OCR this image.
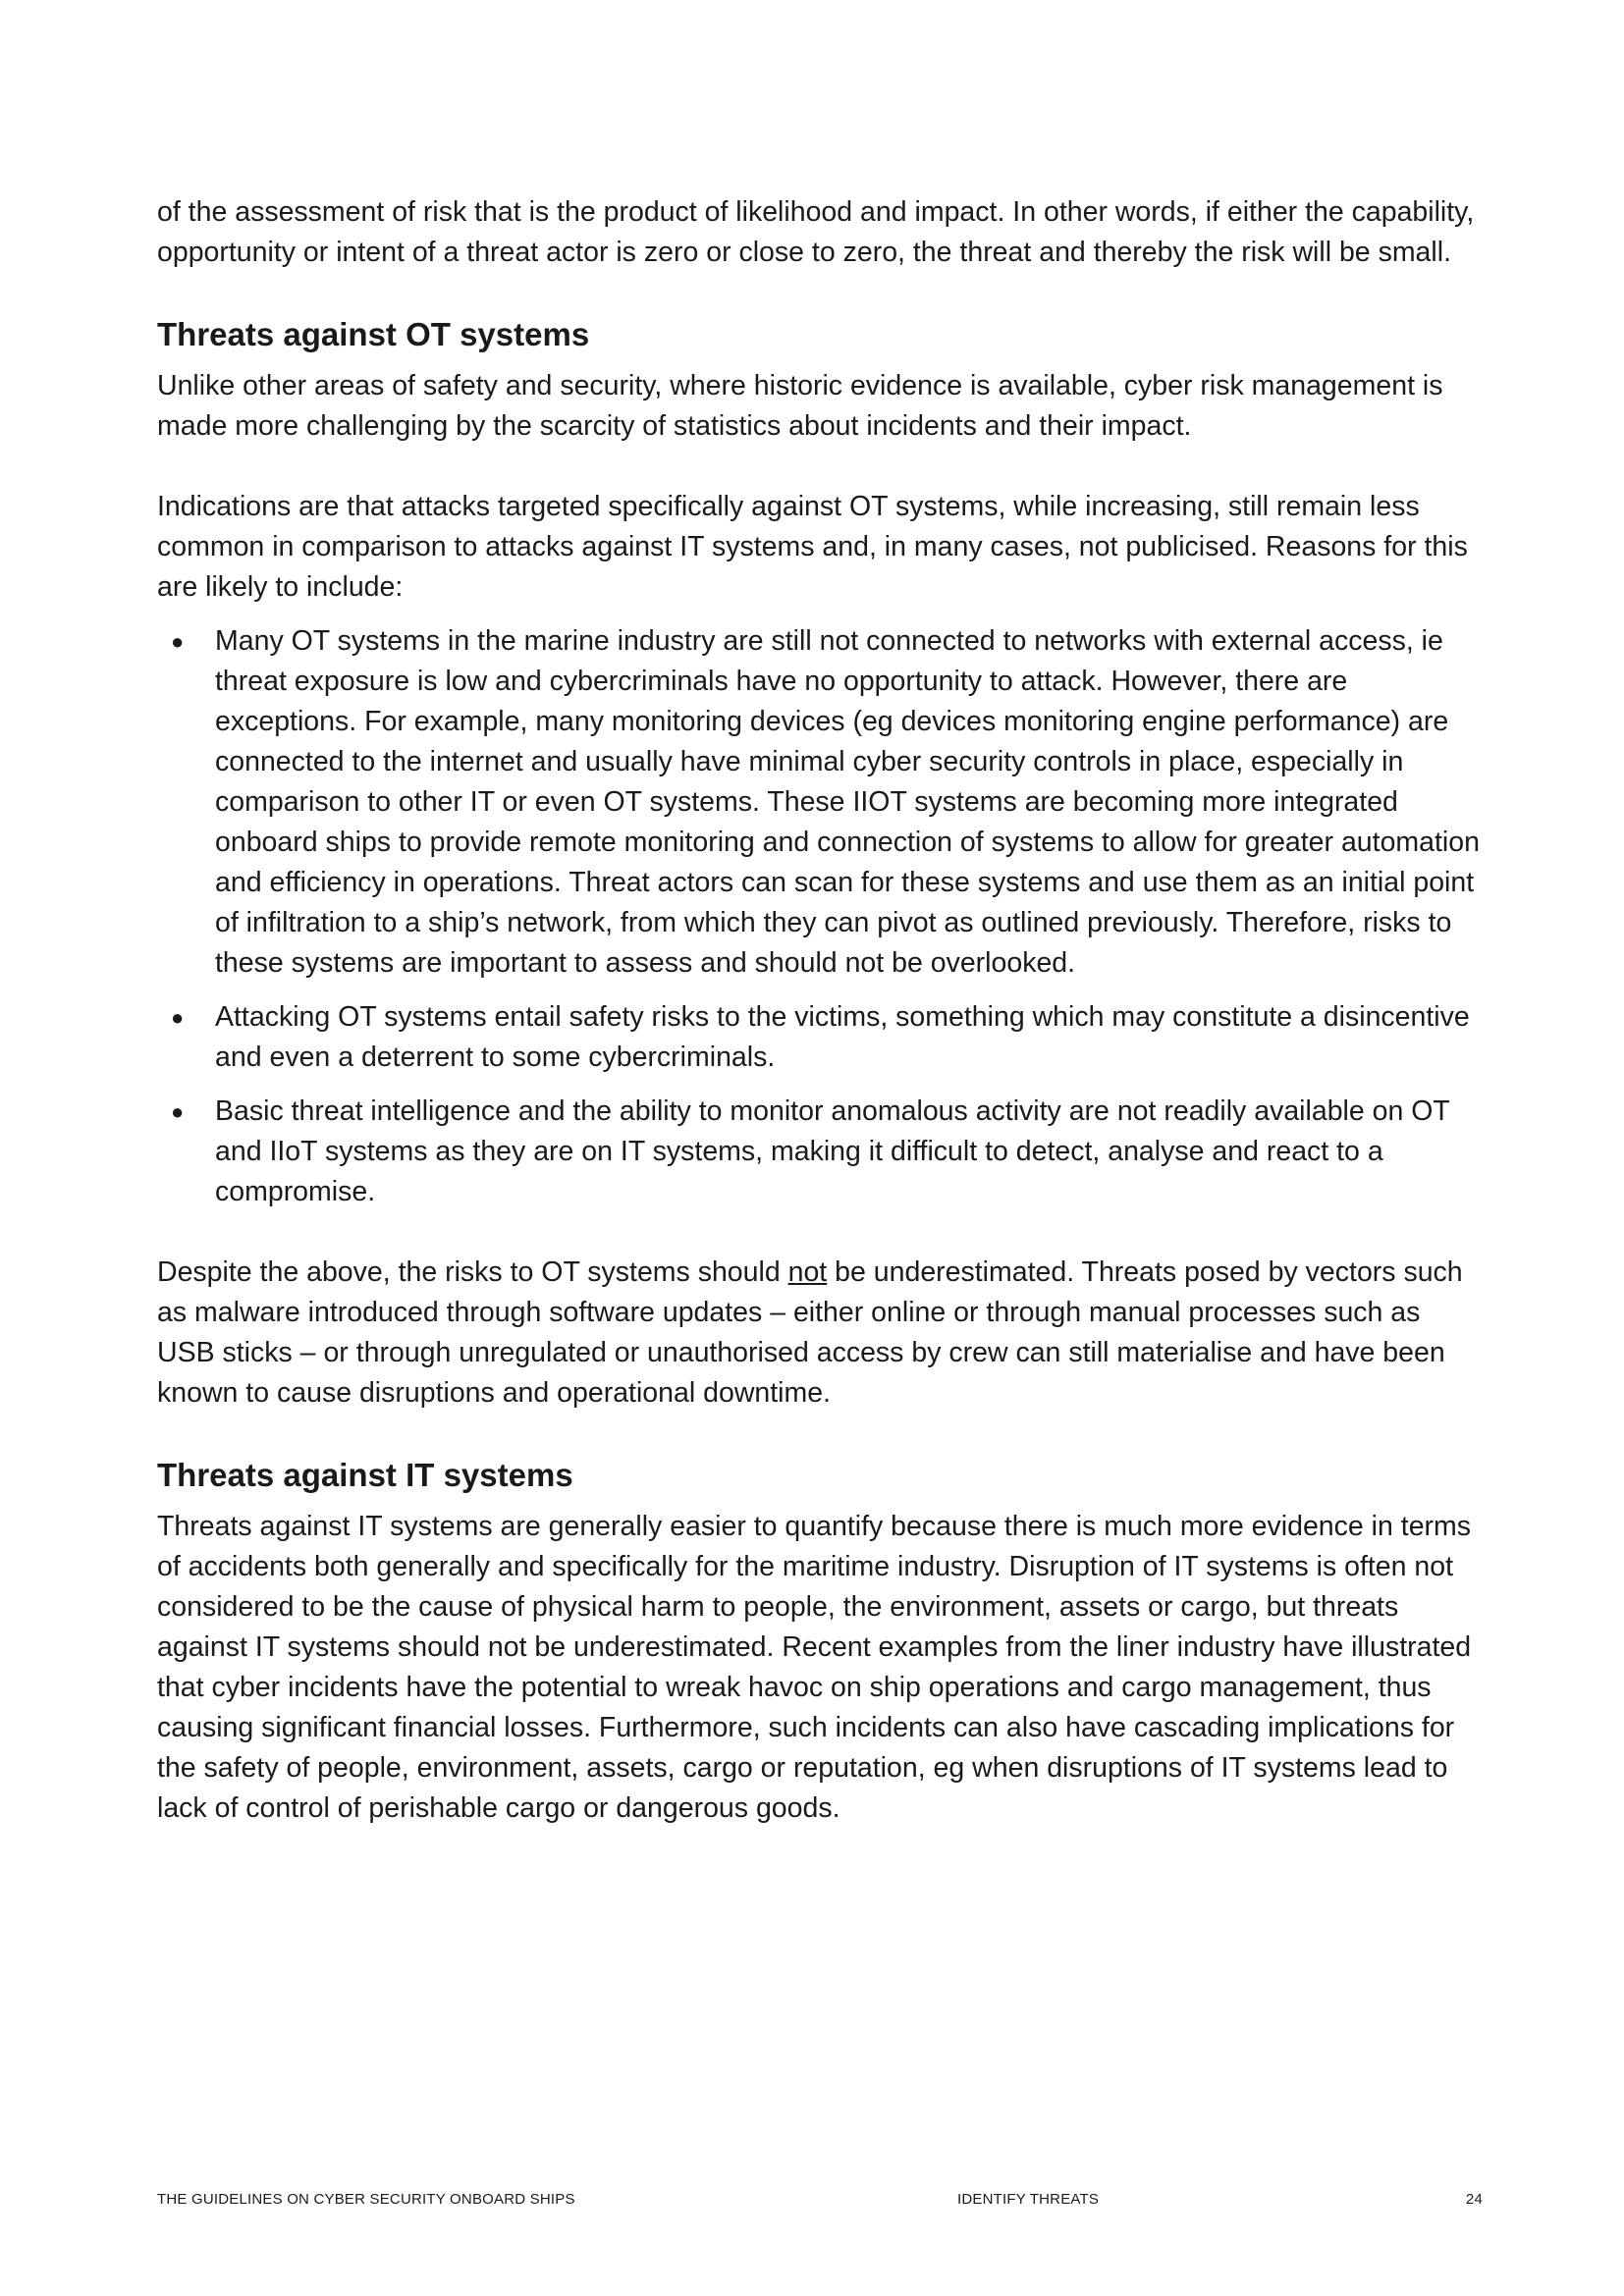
of the assessment of risk that is the product of likelihood and impact. In other words, if either the capability, opportunity or intent of a threat actor is zero or close to zero, the threat and thereby the risk will be small.

Threats against OT systems

Unlike other areas of safety and security, where historic evidence is available, cyber risk management is made more challenging by the scarcity of statistics about incidents and their impact.

Indications are that attacks targeted specifically against OT systems, while increasing, still remain less common in comparison to attacks against IT systems and, in many cases, not publicised. Reasons for this are likely to include:

● Many OT systems in the marine industry are still not connected to networks with external access, ie threat exposure is low and cybercriminals have no opportunity to attack. However, there are exceptions. For example, many monitoring devices (eg devices monitoring engine performance) are connected to the internet and usually have minimal cyber security controls in place, especially in comparison to other IT or even OT systems. These IIOT systems are becoming more integrated onboard ships to provide remote monitoring and connection of systems to allow for greater automation and efficiency in operations. Threat actors can scan for these systems and use them as an initial point of infiltration to a ship’s network, from which they can pivot as outlined previously. Therefore, risks to these systems are important to assess and should not be overlooked.
● Attacking OT systems entail safety risks to the victims, something which may constitute a disincentive and even a deterrent to some cybercriminals.
● Basic threat intelligence and the ability to monitor anomalous activity are not readily available on OT and IIoT systems as they are on IT systems, making it difficult to detect, analyse and react to a compromise.

Despite the above, the risks to OT systems should not be underestimated. Threats posed by vectors such as malware introduced through software updates – either online or through manual processes such as USB sticks – or through unregulated or unauthorised access by crew can still materialise and have been known to cause disruptions and operational downtime.

Threats against IT systems

Threats against IT systems are generally easier to quantify because there is much more evidence in terms of accidents both generally and specifically for the maritime industry. Disruption of IT systems is often not considered to be the cause of physical harm to people, the environment, assets or cargo, but threats against IT systems should not be underestimated. Recent examples from the liner industry have illustrated that cyber incidents have the potential to wreak havoc on ship operations and cargo management, thus causing significant financial losses. Furthermore, such incidents can also have cascading implications for the safety of people, environment, assets, cargo or reputation, eg when disruptions of IT systems lead to lack of control of perishable cargo or dangerous goods.

THE GUIDELINES ON CYBER SECURITY ONBOARD SHIPS	IDENTIFY THREATS	24
